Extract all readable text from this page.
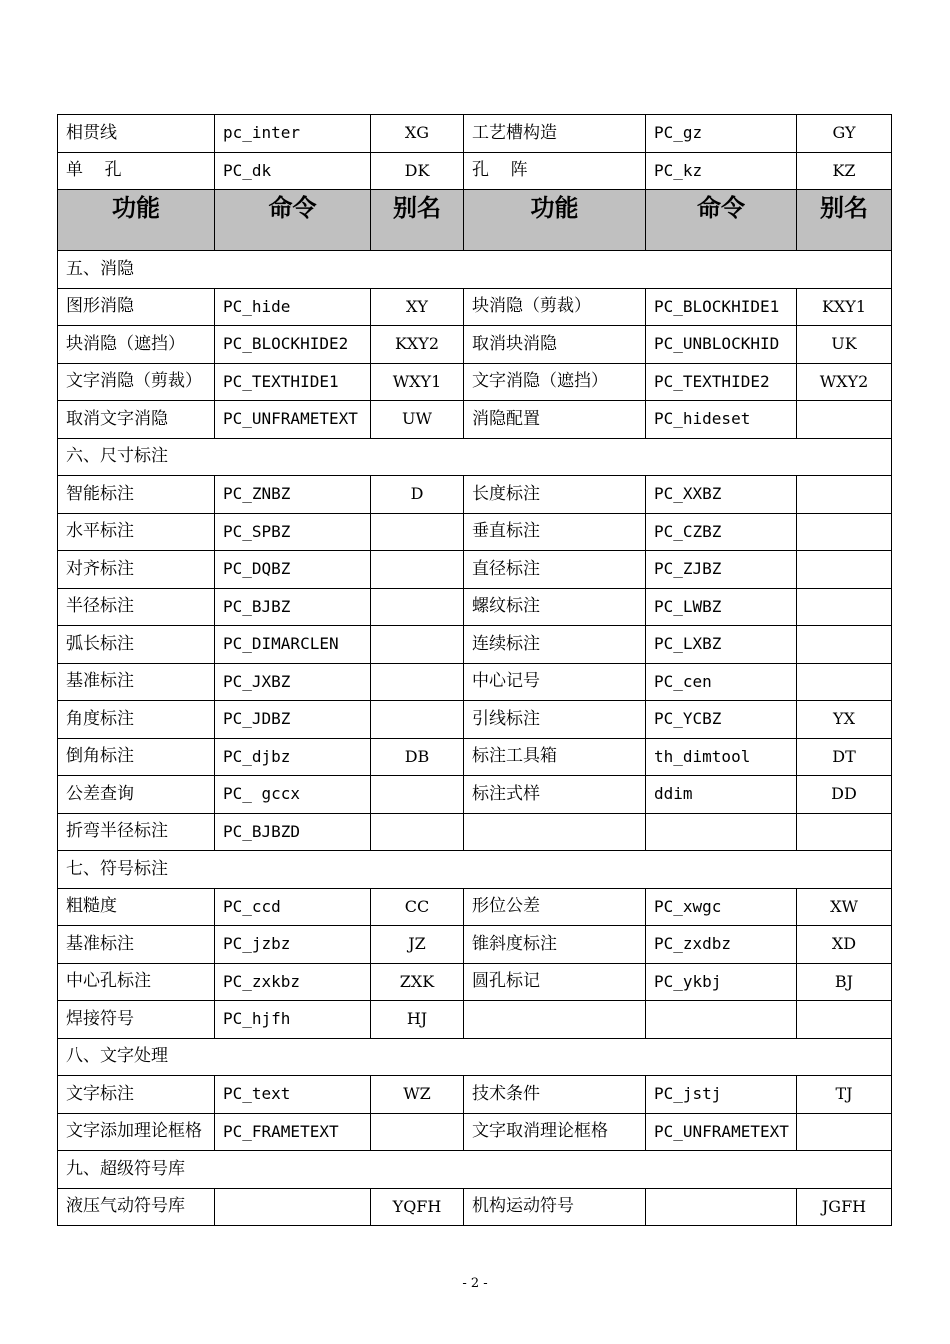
相贯线	pc_inter	XG	工艺槽构造	PC_gz	GY
单    孔	PC_dk	DK	孔    阵	PC_kz	KZ
功能	命令	别名	功能	命令	别名
五、消隐					
图形消隐	PC_hide	XY	块消隐（剪裁）	PC_BLOCKHIDE1	KXY1
块消隐（遮挡）	PC_BLOCKHIDE2	KXY2	取消块消隐	PC_UNBLOCKHID	UK
文字消隐（剪裁）	PC_TEXTHIDE1	WXY1	文字消隐（遮挡）	PC_TEXTHIDE2	WXY2
取消文字消隐	PC_UNFRAMETEXT	UW	消隐配置	PC_hideset	
六、尺寸标注					
智能标注	PC_ZNBZ	D	长度标注	PC_XXBZ	
水平标注	PC_SPBZ		垂直标注	PC_CZBZ	
对齐标注	PC_DQBZ		直径标注	PC_ZJBZ	
半径标注	PC_BJBZ		螺纹标注	PC_LWBZ	
弧长标注	PC_DIMARCLEN		连续标注	PC_LXBZ	
基准标注	PC_JXBZ		中心记号	PC_cen	
角度标注	PC_JDBZ		引线标注	PC_YCBZ	YX
倒角标注	PC_djbz	DB	标注工具箱	th_dimtool	DT
公差查询	PC_ gccx		标注式样	ddim	DD
折弯半径标注	PC_BJBZD				
七、符号标注					
粗糙度	PC_ccd	CC	形位公差	PC_xwgc	XW
基准标注	PC_jzbz	JZ	锥斜度标注	PC_zxdbz	XD
中心孔标注	PC_zxkbz	ZXK	圆孔标记	PC_ykbj	BJ
焊接符号	PC_hjfh	HJ			
八、文字处理					
文字标注	PC_text	WZ	技术条件	PC_jstj	TJ
文字添加理论框格	PC_FRAMETEXT		文字取消理论框格	PC_UNFRAMETEXT	
九、超级符号库					
液压气动符号库		YQFH	机构运动符号		JGFH
- 2 -
